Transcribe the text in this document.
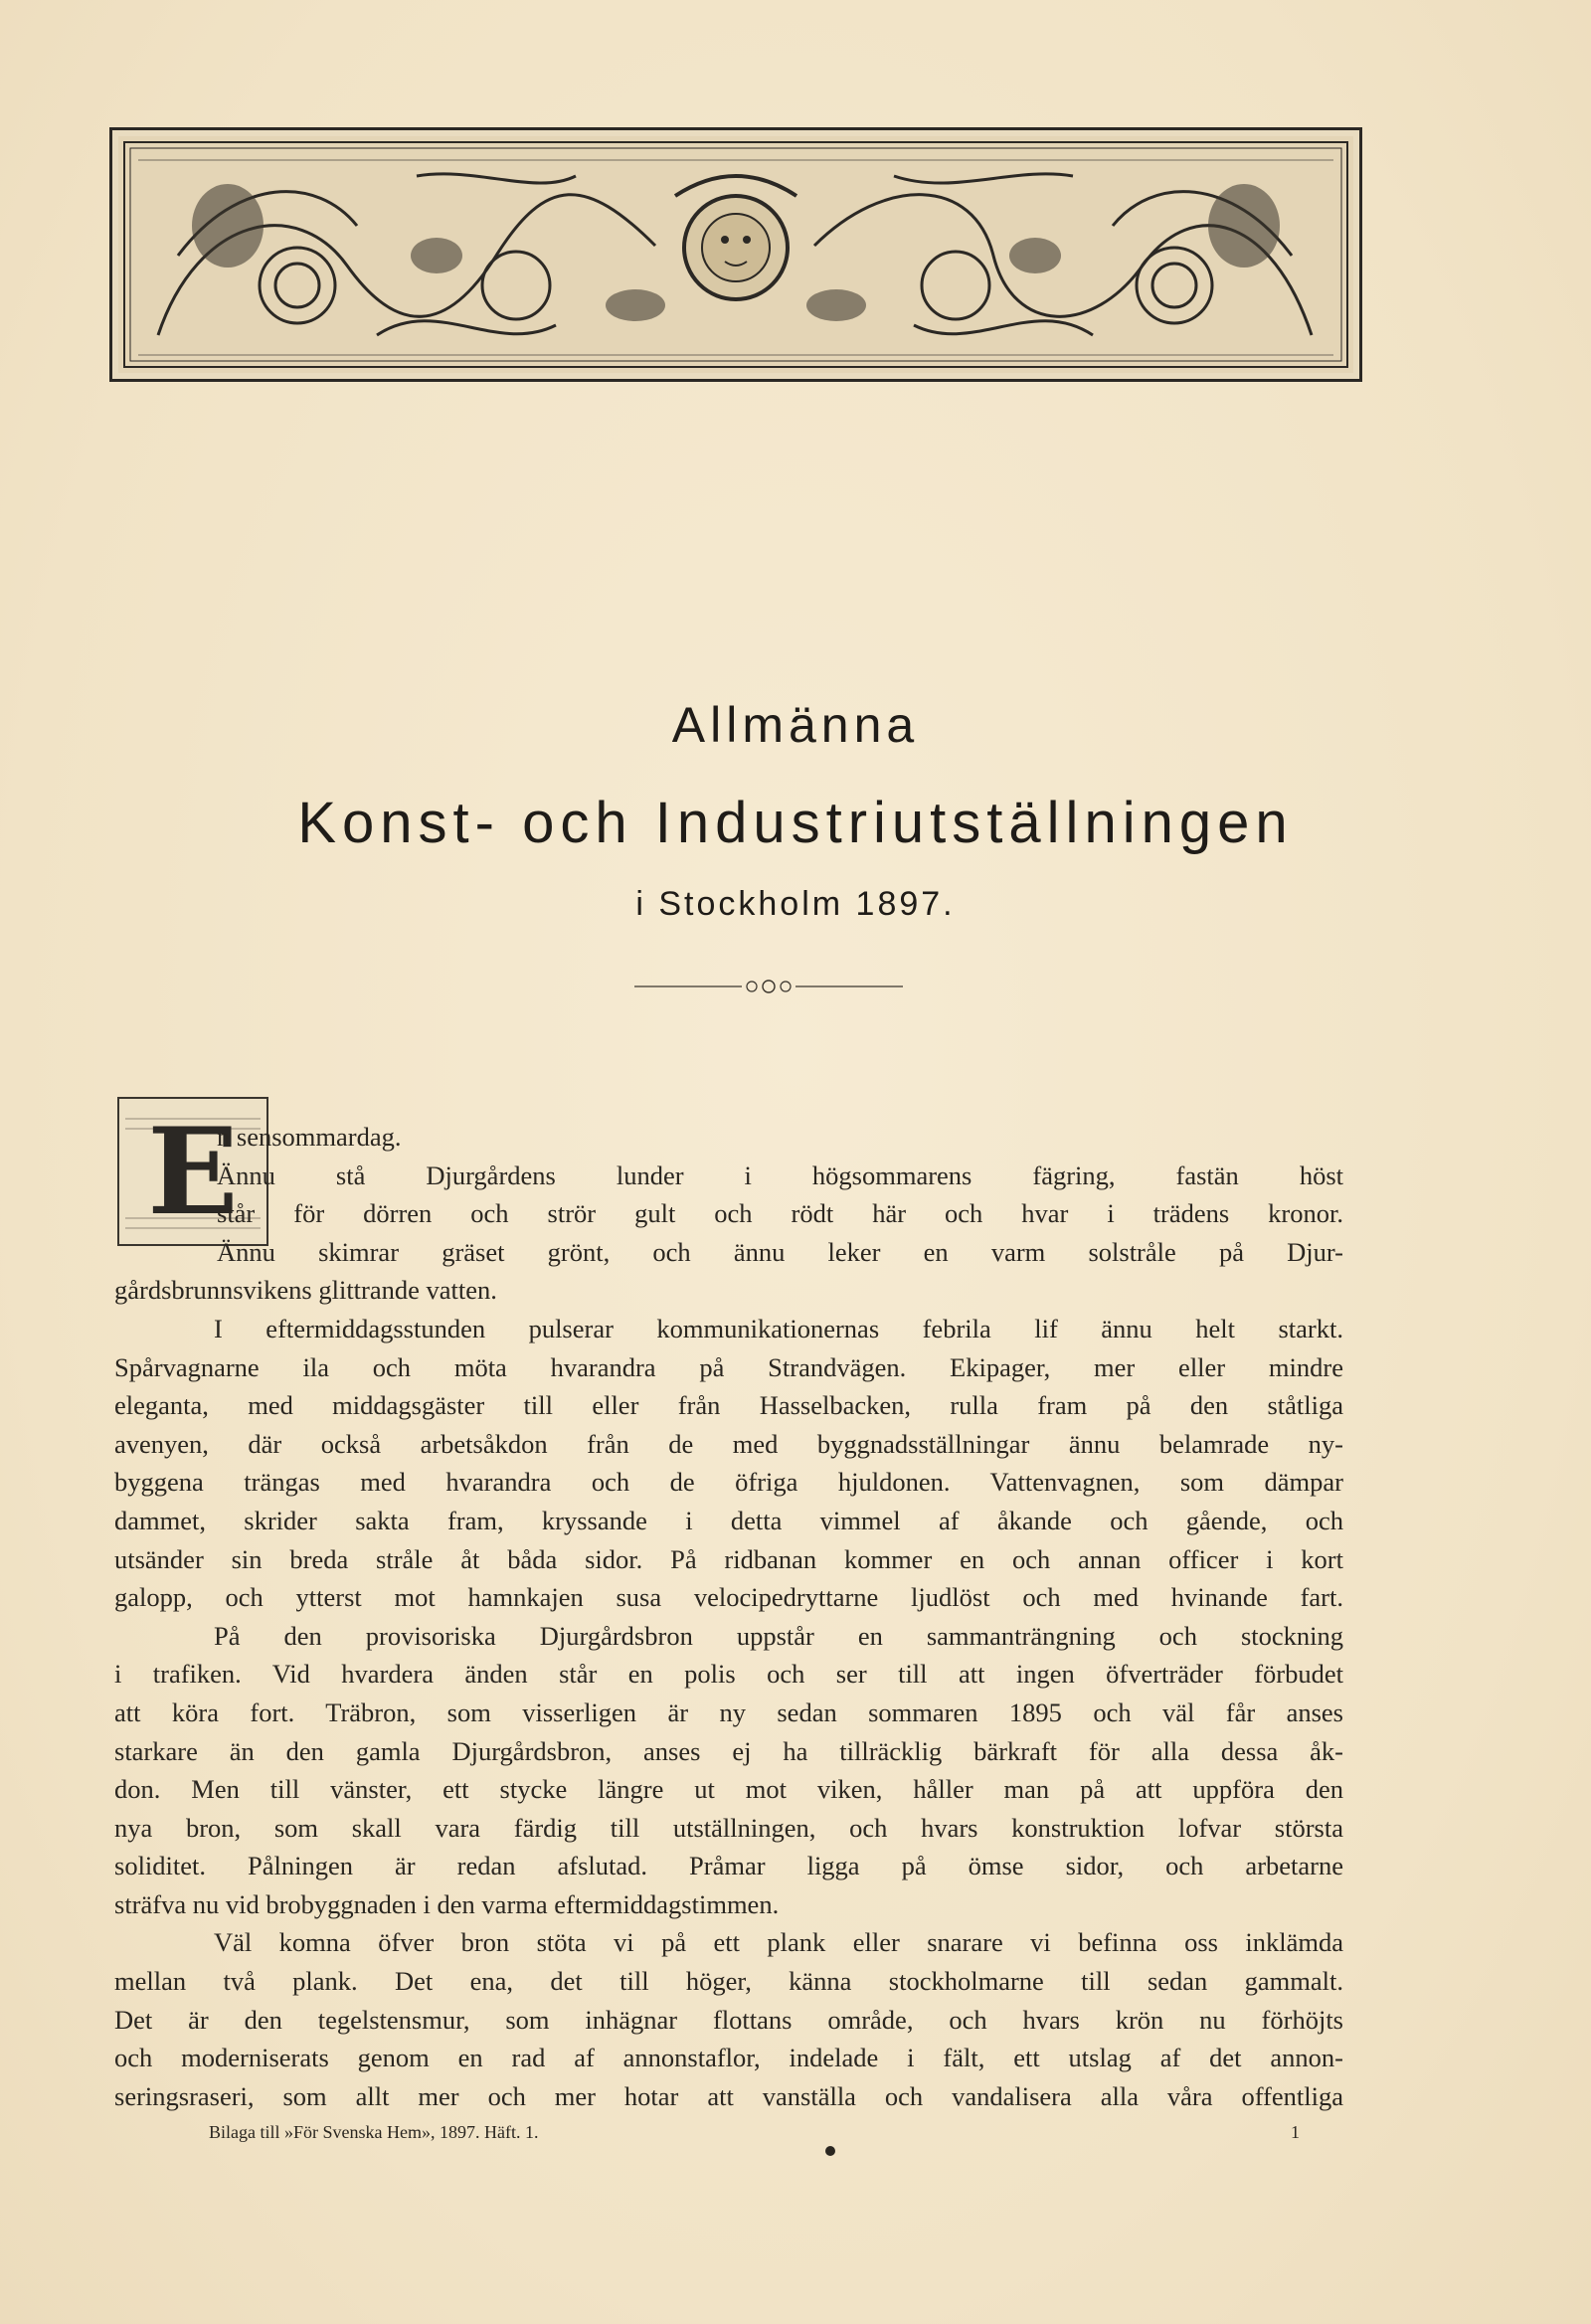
Allmänna
Konst- och Industriutställningen
i Stockholm 1897.
E
n sensommardag.
Ännu stå Djurgårdens lunder i högsommarens fägring, fastän höst
står för dörren och strör gult och rödt här och hvar i trädens kronor.
Ännu skimrar gräset grönt, och ännu leker en varm solstråle på Djur-
gårdsbrunnsvikens glittrande vatten.
I eftermiddagsstunden pulserar kommunikationernas febrila lif ännu helt starkt.
Spårvagnarne ila och möta hvarandra på Strandvägen. Ekipager, mer eller mindre
eleganta, med middagsgäster till eller från Hasselbacken, rulla fram på den ståtliga
avenyen, där också arbetsåkdon från de med byggnadsställningar ännu belamrade ny-
byggena trängas med hvarandra och de öfriga hjuldonen. Vattenvagnen, som dämpar
dammet, skrider sakta fram, kryssande i detta vimmel af åkande och gående, och
utsänder sin breda stråle åt båda sidor. På ridbanan kommer en och annan officer i kort
galopp, och ytterst mot hamnkajen susa velocipedryttarne ljudlöst och med hvinande fart.
På den provisoriska Djurgårdsbron uppstår en sammanträngning och stockning
i trafiken. Vid hvardera änden står en polis och ser till att ingen öfverträder förbudet
att köra fort. Träbron, som visserligen är ny sedan sommaren 1895 och väl får anses
starkare än den gamla Djurgårdsbron, anses ej ha tillräcklig bärkraft för alla dessa åk-
don. Men till vänster, ett stycke längre ut mot viken, håller man på att uppföra den
nya bron, som skall vara färdig till utställningen, och hvars konstruktion lofvar största
soliditet. Pålningen är redan afslutad. Pråmar ligga på ömse sidor, och arbetarne
sträfva nu vid brobyggnaden i den varma eftermiddagstimmen.
Väl komna öfver bron stöta vi på ett plank eller snarare vi befinna oss inklämda
mellan två plank. Det ena, det till höger, känna stockholmarne till sedan gammalt.
Det är den tegelstensmur, som inhägnar flottans område, och hvars krön nu förhöjts
och moderniserats genom en rad af annonstaflor, indelade i fält, ett utslag af det annon-
seringsraseri, som allt mer och mer hotar att vanställa och vandalisera alla våra offentliga
Bilaga till »För Svenska Hem», 1897. Häft. 1.	1
